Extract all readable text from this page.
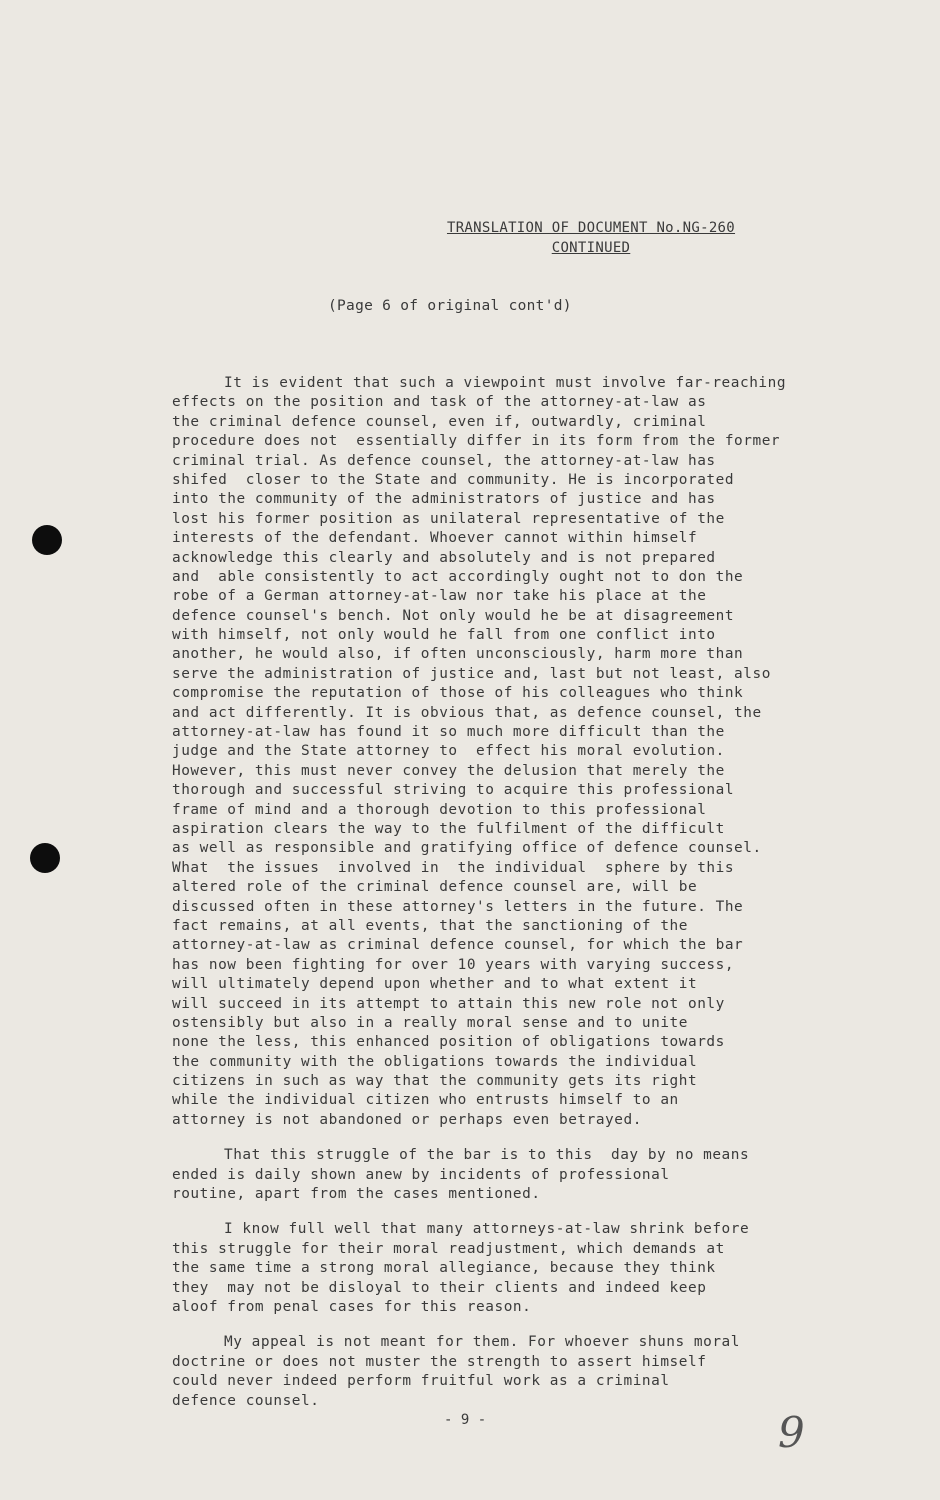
TRANSLATION OF DOCUMENT No.NG-260
CONTINUED
(Page 6 of original cont'd)
It is evident that such a viewpoint must involve far-reaching
effects on the position and task of the attorney-at-law as
the criminal defence counsel, even if, outwardly, criminal
procedure does not  essentially differ in its form from the former
criminal trial. As defence counsel, the attorney-at-law has
shifed  closer to the State and community. He is incorporated
into the community of the administrators of justice and has
lost his former position as unilateral representative of the
interests of the defendant. Whoever cannot within himself
acknowledge this clearly and absolutely and is not prepared
and  able consistently to act accordingly ought not to don the
robe of a German attorney-at-law nor take his place at the
defence counsel's bench. Not only would he be at disagreement
with himself, not only would he fall from one conflict into
another, he would also, if often unconsciously, harm more than
serve the administration of justice and, last but not least, also
compromise the reputation of those of his colleagues who think
and act differently. It is obvious that, as defence counsel, the
attorney-at-law has found it so much more difficult than the
judge and the State attorney to  effect his moral evolution.
However, this must never convey the delusion that merely the
thorough and successful striving to acquire this professional
frame of mind and a thorough devotion to this professional
aspiration clears the way to the fulfilment of the difficult
as well as responsible and gratifying office of defence counsel.
What  the issues  involved in  the individual  sphere by this
altered role of the criminal defence counsel are, will be
discussed often in these attorney's letters in the future. The
fact remains, at all events, that the sanctioning of the
attorney-at-law as criminal defence counsel, for which the bar
has now been fighting for over 10 years with varying success,
will ultimately depend upon whether and to what extent it
will succeed in its attempt to attain this new role not only
ostensibly but also in a really moral sense and to unite
none the less, this enhanced position of obligations towards
the community with the obligations towards the individual
citizens in such as way that the community gets its right
while the individual citizen who entrusts himself to an
attorney is not abandoned or perhaps even betrayed.
That this struggle of the bar is to this  day by no means
ended is daily shown anew by incidents of professional
routine, apart from the cases mentioned.
I know full well that many attorneys-at-law shrink before
this struggle for their moral readjustment, which demands at
the same time a strong moral allegiance, because they think
they  may not be disloyal to their clients and indeed keep
aloof from penal cases for this reason.
My appeal is not meant for them. For whoever shuns moral
doctrine or does not muster the strength to assert himself
could never indeed perform fruitful work as a criminal
defence counsel.
- 9 -	9
